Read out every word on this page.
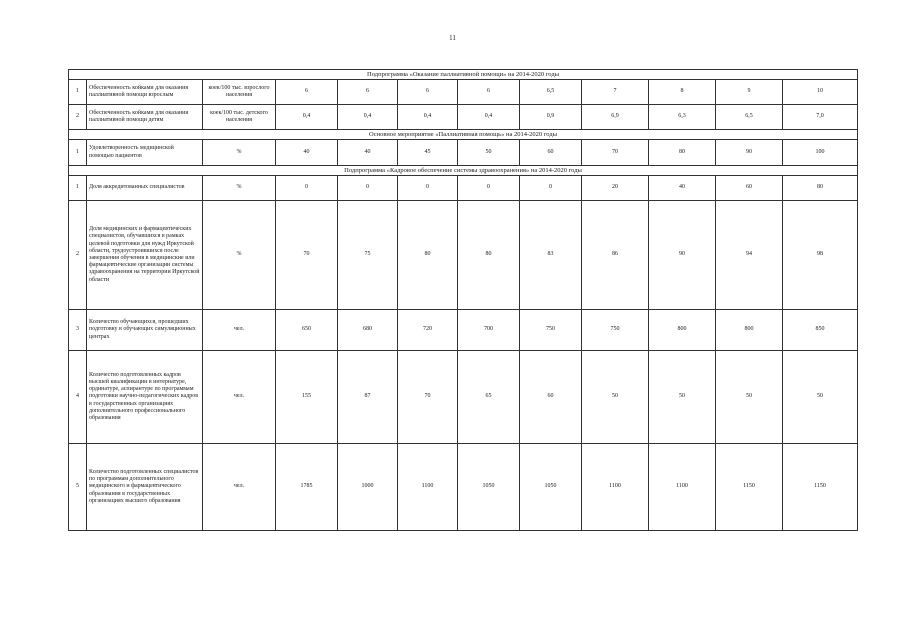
11
Подпрограмма «Оказание паллиативной помощи» на 2014-2020 годы											
1	Обеспеченность койками для оказания паллиативной помощи взрослым	коек/100 тыс. взрослого населения	6	6	6	6	6,5	7	8	9	10
2	Обеспеченность койками для оказания паллиативной помощи детям	коек/100 тыс. детского населения	0,4	0,4	0,4	0,4	0,9	6,9	6,3	6,5	7,0
Основное мероприятие «Паллиативная помощь» на 2014-2020 годы											
1	Удовлетворенность медицинской помощью пациентов	%	40	40	45	50	60	70	80	90	100
Подпрограмма «Кадровое обеспечение системы здравоохранения» на 2014-2020 годы											
1	Доля аккредитованных специалистов	%	0	0	0	0	0	20	40	60	80
2	Доля медицинских и фармацевтических специалистов, обучавшихся в рамках целевой подготовки для нужд Иркутской области, трудоустроившихся после завершения обучения в медицинские или фармацевтические организации системы здравоохранения на территории Иркутской области	%	70	75	80	80	83	86	90	94	98
3	Количество обучающихся, прошедших подготовку в обучающих симуляционных центрах	чел.	650	680	720	700	750	750	800	800	850
4	Количество подготовленных кадров высшей квалификации в интернатуре, ординатуре, аспирантуре по программам подготовки научно-педагогических кадров в государственных организациях дополнительного профессионального образования	чел.	155	87	70	65	60	50	50	50	50
5	Количество подготовленных специалистов по программам дополнительного медицинского и фармацевтического образования в государственных организациях высшего образования	чел.	1785	1000	1100	1050	1050	1100	1100	1150	1150
